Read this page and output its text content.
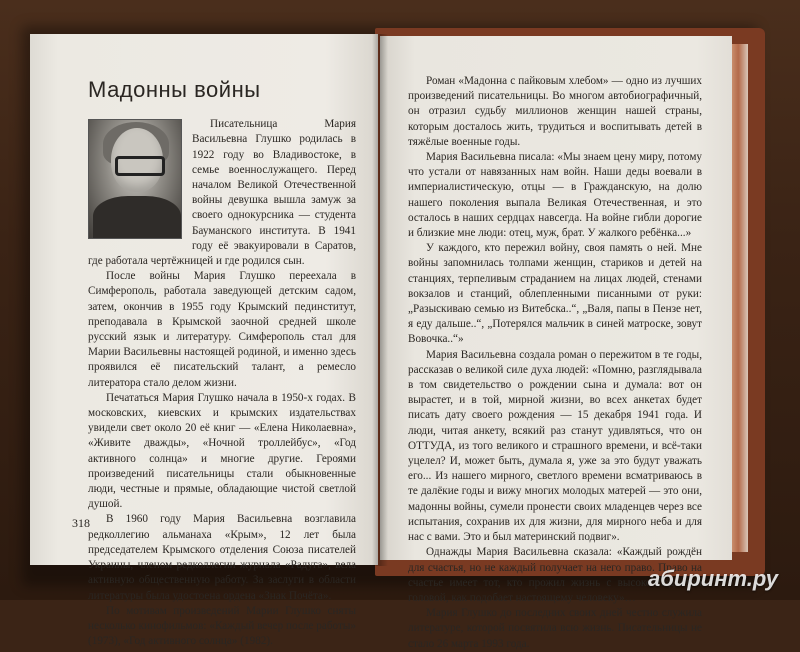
Мадонны войны

Писательница Мария Васильевна Глушко родилась в 1922 году во Владивостоке, в семье военнослужащего. Перед началом Великой Отечественной войны девушка вышла замуж за своего однокурсника — студента Бауманского института. В 1941 году её эвакуировали в Саратов, где работала чертёжницей и где родился сын.

После войны Мария Глушко переехала в Симферополь, работала заведующей детским садом, затем, окончив в 1955 году Крымский пединститут, преподавала в Крымской заочной средней школе русский язык и литературу. Симферополь стал для Марии Васильевны настоящей родиной, и именно здесь проявился её писательский талант, а ремесло литератора стало делом жизни.

Печататься Мария Глушко начала в 1950-х годах. В московских, киевских и крымских издательствах увидели свет около 20 её книг — «Елена Николаевна», «Живите дважды», «Ночной троллейбус», «Год активного солнца» и многие другие. Героями произведений писательницы стали обыкновенные люди, честные и прямые, обладающие чистой светлой душой.

В 1960 году Мария Васильевна возглавила редколлегию альманаха «Крым», 12 лет была председателем Крымского отделения Союза писателей Украины, членом редколлегии журнала «Радуга», вела активную общественную работу. За заслуги в области литературы была удостоена ордена «Знак Почёта».

По мотивам произведений Марии Глушко сняты несколько кинофильмов: «Каждый вечер после работы» (1973), «Год активного солнца» (1982).

318

Роман «Мадонна с пайковым хлебом» — одно из лучших произведений писательницы. Во многом автобиографичный, он отразил судьбу миллионов женщин нашей страны, которым досталось жить, трудиться и воспитывать детей в тяжёлые военные годы.

Мария Васильевна писала: «Мы знаем цену миру, потому что устали от навязанных нам войн. Наши деды воевали в империалистическую, отцы — в Гражданскую, на долю нашего поколения выпала Великая Отечественная, и это осталось в наших сердцах навсегда. На войне гибли дорогие и близкие мне люди: отец, муж, брат. У жалкого ребёнка...»

У каждого, кто пережил войну, своя память о ней. Мне войны запомнилась толпами женщин, стариков и детей на станциях, терпеливым страданием на лицах людей, стенами вокзалов и станций, облепленными писанными от руки: „Разыскиваю семью из Витебска..“, „Валя, папы в Пензе нет, я еду дальше..“, „Потерялся мальчик в синей матроске, зовут Вовочка..“»

Мария Васильевна создала роман о пережитом в те годы, рассказав о великой силе духа людей: «Помню, разглядывала в том свидетельство о рождении сына и думала: вот он вырастет, и в той, мирной жизни, во всех анкетах будет писать дату своего рождения — 15 декабря 1941 года. И люди, читая анкету, всякий раз станут удивляться, что он ОТТУДА, из того великого и страшного времени, и всё-таки уцелел? И, может быть, думала я, уже за это будут уважать его... Из нашего мирного, светлого времени всматриваюсь в те далёкие годы и вижу многих молодых матерей — это они, мадонны войны, сумели пронести своих младенцев через все испытания, сохранив их для жизни, для мирного неба и для нас с вами. Это и был материнский подвиг».

Однажды Мария Васильевна сказала: «Каждый рождён для счастья, но не каждый получает на него право. Право на счастье имеет тот, кто прожил жизнь с высоко поднятой головой, как подобает настоящему человеку»…

Мария Глушко до последних своих дней честно служила литературе, которой посвятила всю жизнь. Писательницы не стало 26 марта 1993 года.

абиринт.ру
